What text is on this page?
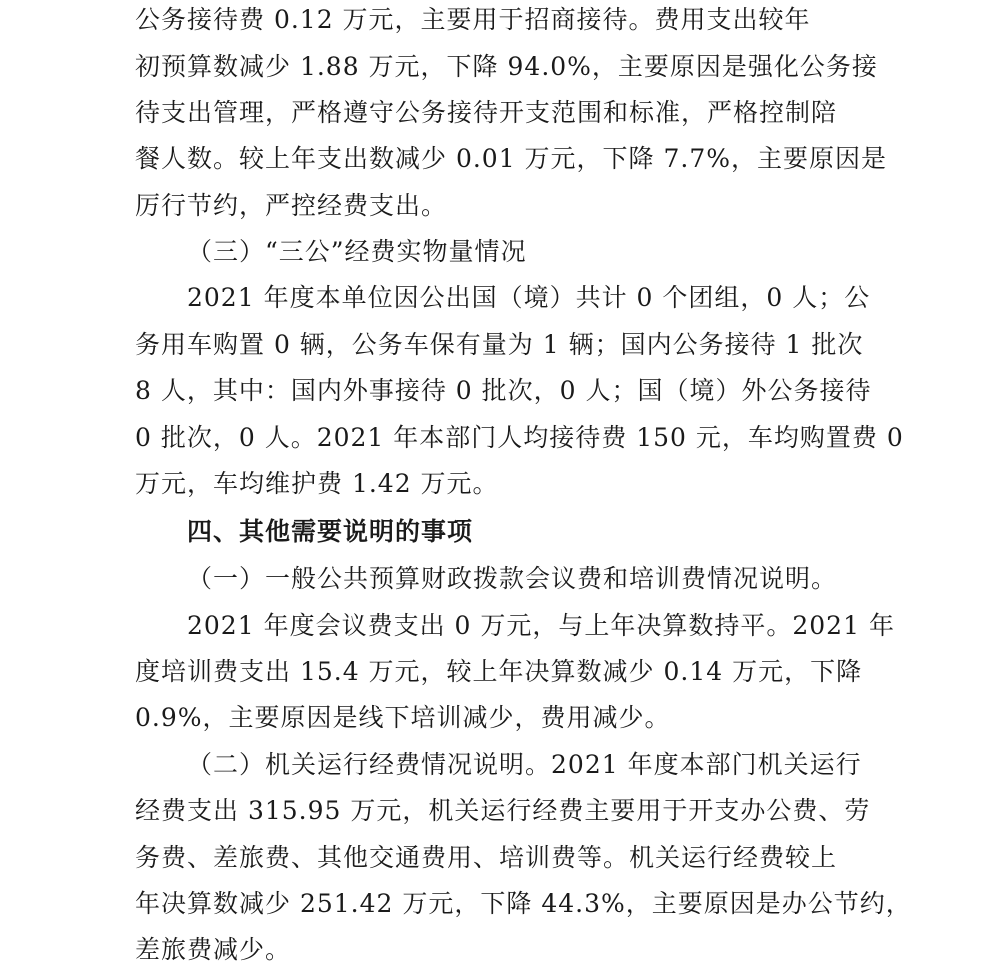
公务接待费 0.12 万元，主要用于招商接待。费用支出较年
初预算数减少 1.88 万元，下降 94.0%，主要原因是强化公务接
待支出管理，严格遵守公务接待开支范围和标准，严格控制陪
餐人数。较上年支出数减少 0.01 万元，下降 7.7%，主要原因是
厉行节约，严控经费支出。
（三）“三公”经费实物量情况
2021 年度本单位因公出国（境）共计 0 个团组，0 人；公
务用车购置 0 辆，公务车保有量为 1 辆；国内公务接待 1 批次
8 人，其中：国内外事接待 0 批次，0 人；国（境）外公务接待
0 批次，0 人。2021 年本部门人均接待费 150 元，车均购置费 0
万元，车均维护费 1.42 万元。
四、其他需要说明的事项
（一）一般公共预算财政拨款会议费和培训费情况说明。
2021 年度会议费支出 0 万元，与上年决算数持平。2021 年
度培训费支出 15.4 万元，较上年决算数减少 0.14 万元，下降
0.9%，主要原因是线下培训减少，费用减少。
（二）机关运行经费情况说明。2021 年度本部门机关运行
经费支出 315.95 万元，机关运行经费主要用于开支办公费、劳
务费、差旅费、其他交通费用、培训费等。机关运行经费较上
年决算数减少 251.42 万元，下降 44.3%，主要原因是办公节约，
差旅费减少。
